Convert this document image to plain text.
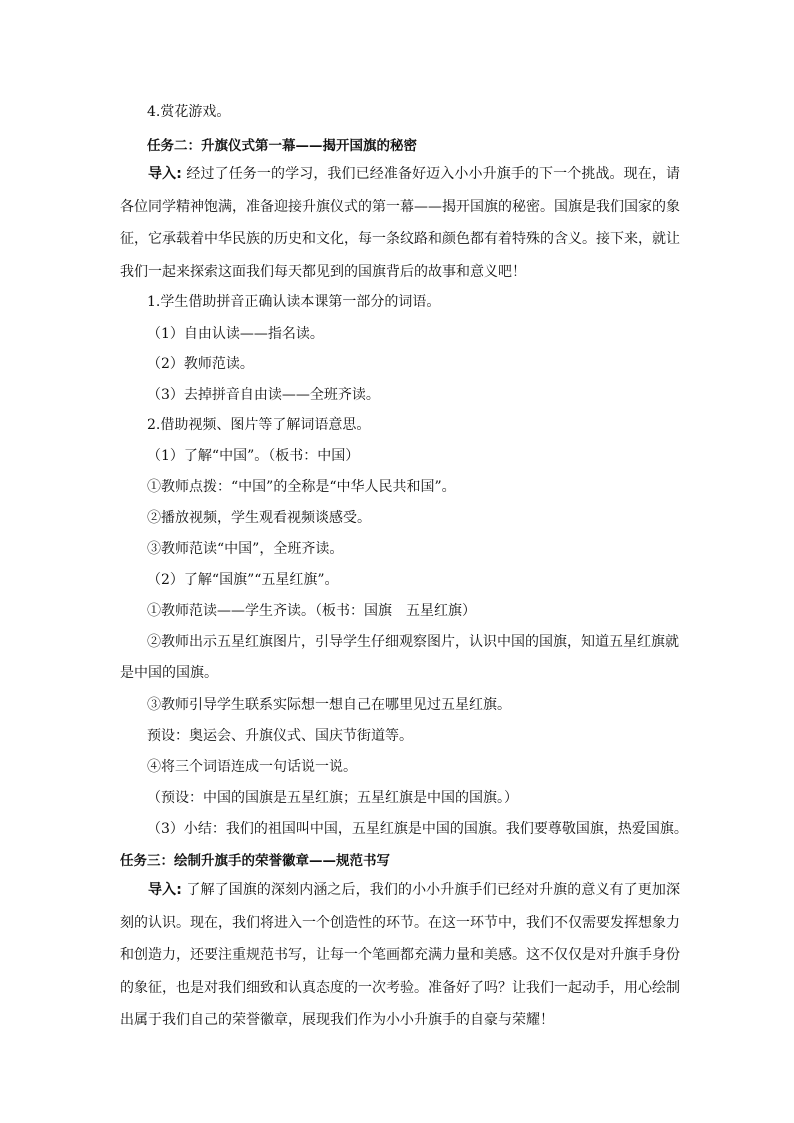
4.赏花游戏。
任务二：升旗仪式第一幕——揭开国旗的秘密
导入: 经过了任务一的学习，我们已经准备好迈入小小升旗手的下一个挑战。现在，请各位同学精神饱满，准备迎接升旗仪式的第一幕——揭开国旗的秘密。国旗是我们国家的象征，它承载着中华民族的历史和文化，每一条纹路和颜色都有着特殊的含义。接下来，就让我们一起来探索这面我们每天都见到的国旗背后的故事和意义吧！
1.学生借助拼音正确认读本课第一部分的词语。
（1）自由认读——指名读。
（2）教师范读。
（3）去掉拼音自由读——全班齐读。
2.借助视频、图片等了解词语意思。
（1）了解“中国”。（板书：中国）
①教师点拨：“中国”的全称是“中华人民共和国”。
②播放视频，学生观看视频谈感受。
③教师范读“中国”，全班齐读。
（2）了解“国旗”“五星红旗”。
①教师范读——学生齐读。（板书：国旗　五星红旗）
②教师出示五星红旗图片，引导学生仔细观察图片，认识中国的国旗，知道五星红旗就
是中国的国旗。
③教师引导学生联系实际想一想自己在哪里见过五星红旗。
预设：奥运会、升旗仪式、国庆节街道等。
④将三个词语连成一句话说一说。
（预设：中国的国旗是五星红旗；五星红旗是中国的国旗。）
（3）小结：我们的祖国叫中国，五星红旗是中国的国旗。我们要尊敬国旗，热爱国旗。
任务三：绘制升旗手的荣誉徽章——规范书写
导入: 了解了国旗的深刻内涵之后，我们的小小升旗手们已经对升旗的意义有了更加深刻的认识。现在，我们将进入一个创造性的环节。在这一环节中，我们不仅需要发挥想象力和创造力，还要注重规范书写，让每一个笔画都充满力量和美感。这不仅仅是对升旗手身份的象征，也是对我们细致和认真态度的一次考验。准备好了吗？让我们一起动手，用心绘制出属于我们自己的荣誉徽章，展现我们作为小小升旗手的自豪与荣耀！
